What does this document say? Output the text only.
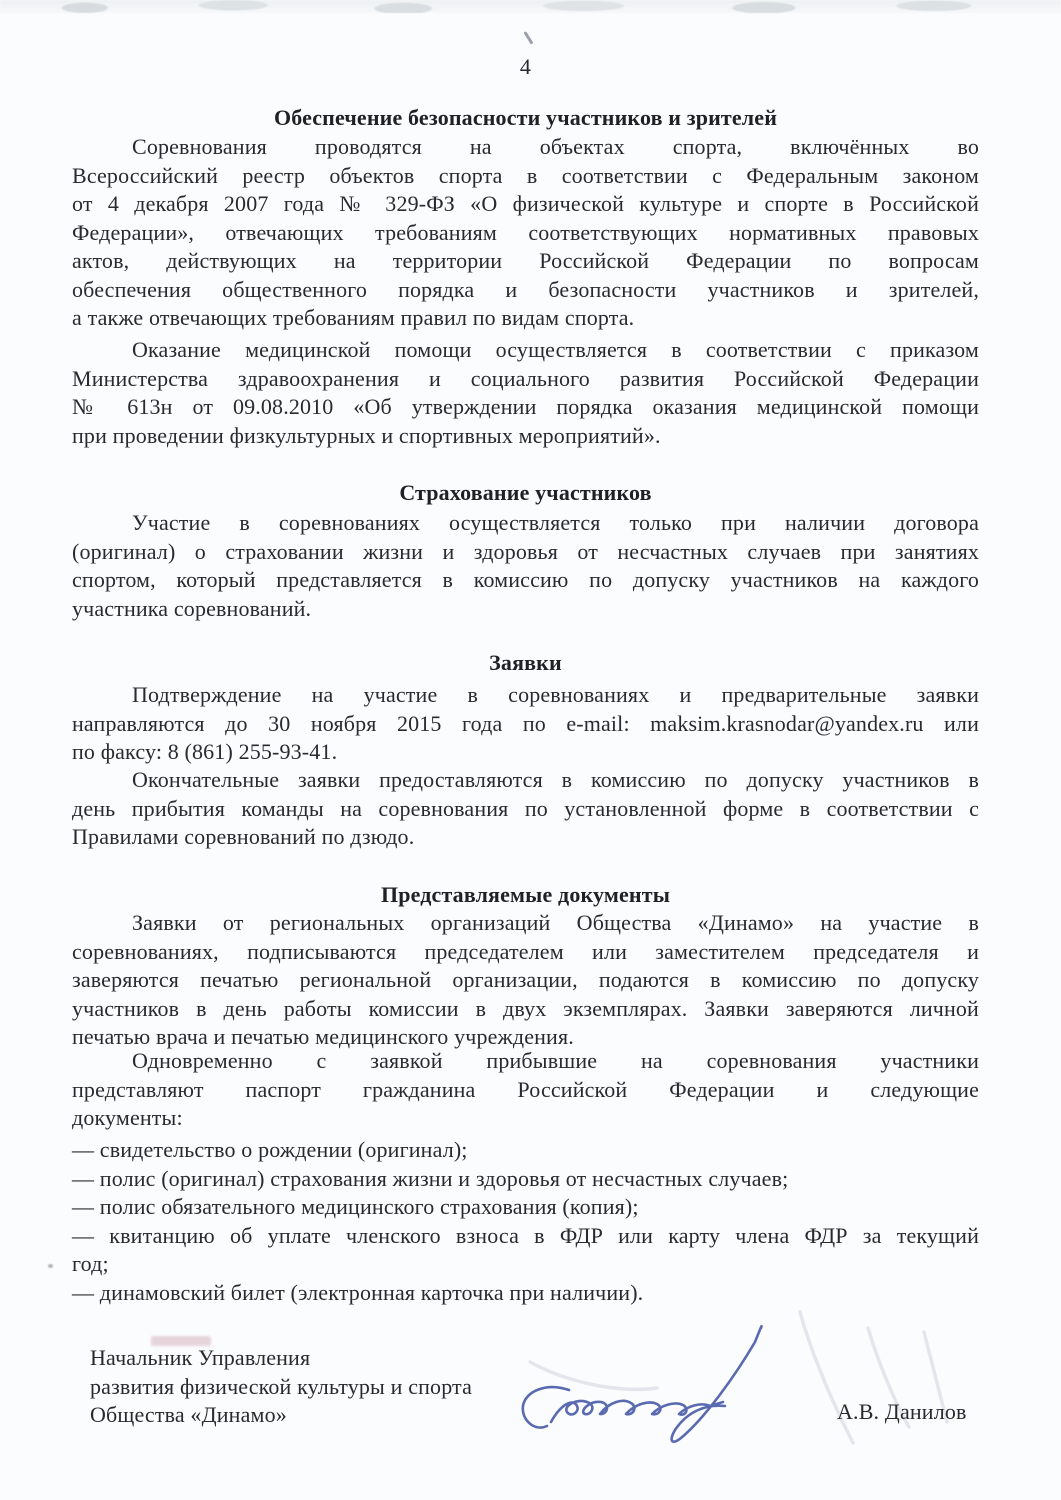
4
Обеспечение безопасности участников и зрителей
Соревнования проводятся на объектах спорта, включённых во
Всероссийский реестр объектов спорта в соответствии с Федеральным законом
от 4 декабря 2007 года № 329-ФЗ «О физической культуре и спорте в Российской
Федерации», отвечающих требованиям соответствующих нормативных правовых
актов, действующих на территории Российской Федерации по вопросам
обеспечения общественного порядка и безопасности участников и зрителей,
а также отвечающих требованиям правил по видам спорта.
Оказание медицинской помощи осуществляется в соответствии с приказом
Министерства здравоохранения и социального развития Российской Федерации
№ 613н от 09.08.2010 «Об утверждении порядка оказания медицинской помощи
при проведении физкультурных и спортивных мероприятий».
Страхование участников
Участие в соревнованиях осуществляется только при наличии договора
(оригинал) о страховании жизни и здоровья от несчастных случаев при занятиях
спортом, который представляется в комиссию по допуску участников на каждого
участника соревнований.
Заявки
Подтверждение на участие в соревнованиях и предварительные заявки
направляются до 30 ноября 2015 года по e-mail: maksim.krasnodar@yandex.ru или
по факсу: 8 (861) 255-93-41.
Окончательные заявки предоставляются в комиссию по допуску участников в
день прибытия команды на соревнования по установленной форме в соответствии с
Правилами соревнований по дзюдо.
Представляемые документы
Заявки от региональных организаций Общества «Динамо» на участие в
соревнованиях, подписываются председателем или заместителем председателя и
заверяются печатью региональной организации, подаются в комиссию по допуску
участников в день работы комиссии в двух экземплярах. Заявки заверяются личной
печатью врача и печатью медицинского учреждения.
Одновременно с заявкой прибывшие на соревнования участники
представляют паспорт гражданина Российской Федерации и следующие
документы:
— свидетельство о рождении (оригинал);
— полис (оригинал) страхования жизни и здоровья от несчастных случаев;
— полис обязательного медицинского страхования (копия);
— квитанцию об уплате членского взноса в ФДР или карту члена ФДР за текущий
год;
— динамовский билет (электронная карточка при наличии).
Начальник Управления
развития физической культуры и спорта
Общества «Динамо»	А.В. Данилов
